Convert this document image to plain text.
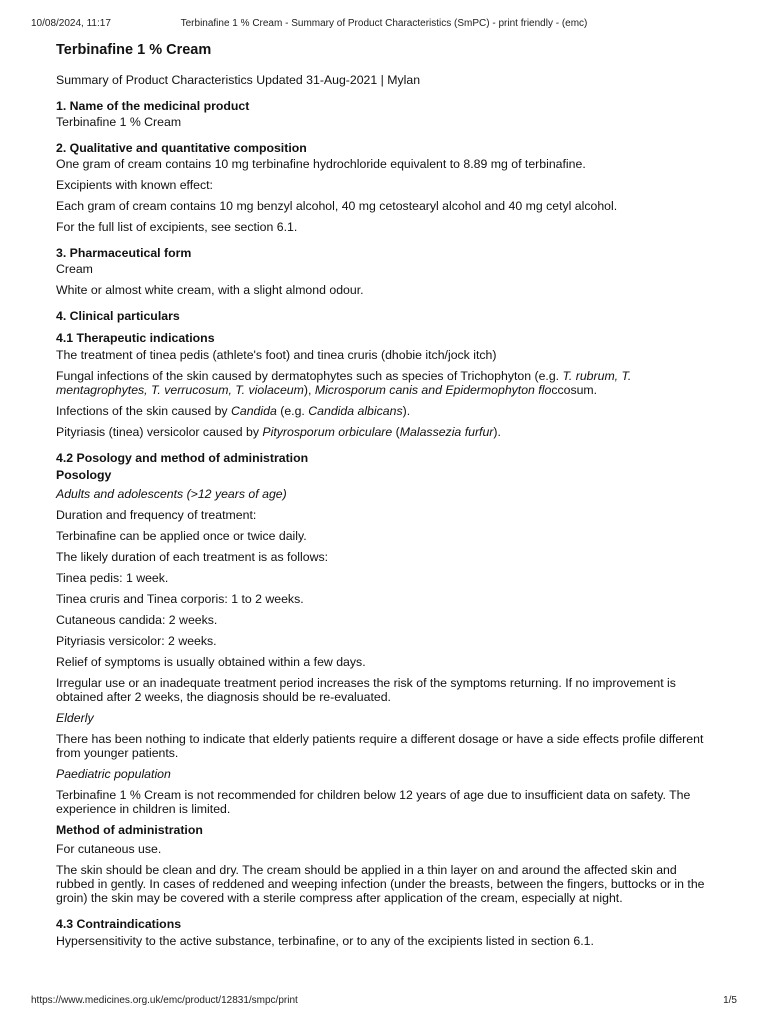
10/08/2024, 11:17	Terbinafine 1 % Cream - Summary of Product Characteristics (SmPC) - print friendly - (emc)
Terbinafine 1 % Cream

Summary of Product Characteristics Updated 31-Aug-2021 | Mylan

1. Name of the medicinal product

Terbinafine 1 % Cream

2. Qualitative and quantitative composition

One gram of cream contains 10 mg terbinafine hydrochloride equivalent to 8.89 mg of terbinafine.

Excipients with known effect:

Each gram of cream contains 10 mg benzyl alcohol, 40 mg cetostearyl alcohol and 40 mg cetyl alcohol.

For the full list of excipients, see section 6.1.

3. Pharmaceutical form

Cream

White or almost white cream, with a slight almond odour.

4. Clinical particulars
4.1 Therapeutic indications

The treatment of tinea pedis (athlete's foot) and tinea cruris (dhobie itch/jock itch)

Fungal infections of the skin caused by dermatophytes such as species of Trichophyton (e.g. T. rubrum, T. mentagrophytes, T. verrucosum, T. violaceum), Microsporum canis and Epidermophyton floccosum.

Infections of the skin caused by Candida (e.g. Candida albicans).

Pityriasis (tinea) versicolor caused by Pityrosporum orbiculare (Malassezia furfur).

4.2 Posology and method of administration
Posology

Adults and adolescents (>12 years of age)

Duration and frequency of treatment:

Terbinafine can be applied once or twice daily.

The likely duration of each treatment is as follows:

Tinea pedis: 1 week.

Tinea cruris and Tinea corporis: 1 to 2 weeks.

Cutaneous candida: 2 weeks.

Pityriasis versicolor: 2 weeks.

Relief of symptoms is usually obtained within a few days.

Irregular use or an inadequate treatment period increases the risk of the symptoms returning. If no improvement is obtained after 2 weeks, the diagnosis should be re-evaluated.

Elderly

There has been nothing to indicate that elderly patients require a different dosage or have a side effects profile different from younger patients.

Paediatric population

Terbinafine 1 % Cream is not recommended for children below 12 years of age due to insufficient data on safety. The experience in children is limited.

Method of administration

For cutaneous use.

The skin should be clean and dry. The cream should be applied in a thin layer on and around the affected skin and rubbed in gently. In cases of reddened and weeping infection (under the breasts, between the fingers, buttocks or in the groin) the skin may be covered with a sterile compress after application of the cream, especially at night.

4.3 Contraindications

Hypersensitivity to the active substance, terbinafine, or to any of the excipients listed in section 6.1.

https://www.medicines.org.uk/emc/product/12831/smpc/print	1/5
